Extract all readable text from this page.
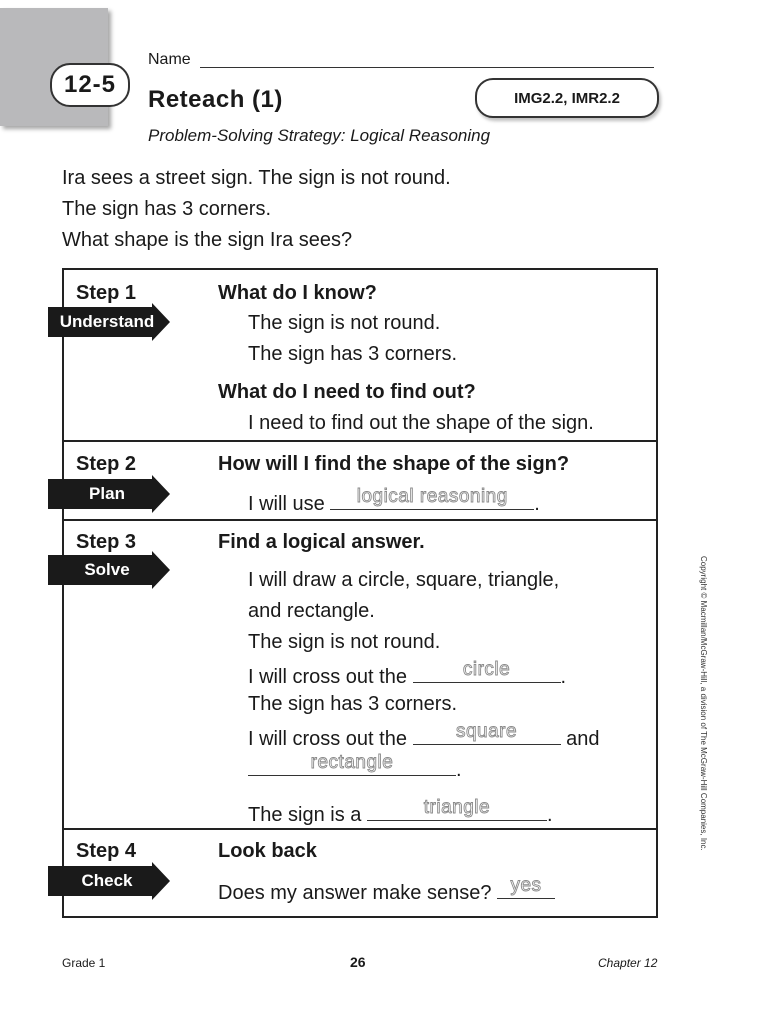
12-5
Name
Reteach (1)	IMG2.2, IMR2.2
Problem-Solving Strategy: Logical Reasoning
Ira sees a street sign. The sign is not round.
The sign has 3 corners.
What shape is the sign Ira sees?
Step 1
Understand
What do I know?
The sign is not round.
The sign has 3 corners.
What do I need to find out?
I need to find out the shape of the sign.
Step 2
Plan
How will I find the shape of the sign?
I will use	logical reasoning	.
Step 3
Solve
Find a logical answer.
I will draw a circle, square, triangle,
and rectangle.
The sign is not round.
I will cross out the	circle	.
The sign has 3 corners.
I will cross out the	square	and
rectangle	.
The sign is a	triangle	.
Step 4
Check
Look back
Does my answer make sense?	yes
Copyright © Macmillan/McGraw-Hill, a division of The McGraw-Hill Companies, Inc.
Grade 1	26	Chapter 12
